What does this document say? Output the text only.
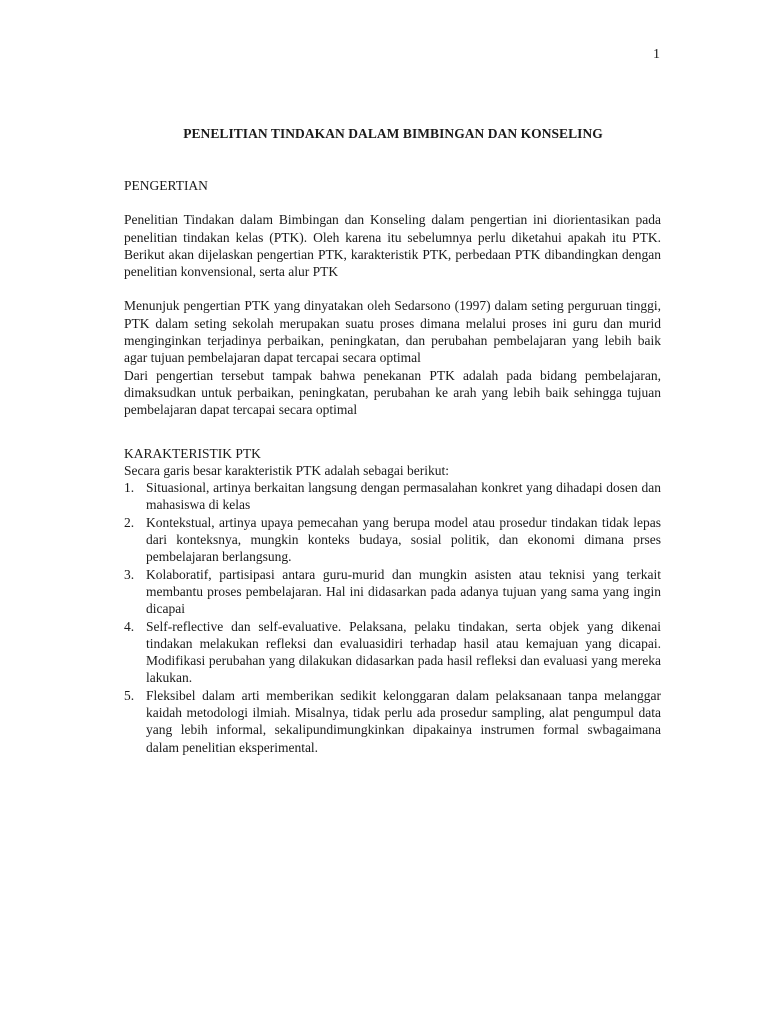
1
PENELITIAN TINDAKAN DALAM BIMBINGAN DAN KONSELING
PENGERTIAN

Penelitian Tindakan dalam Bimbingan dan Konseling dalam pengertian ini diorientasikan pada penelitian tindakan kelas (PTK). Oleh karena itu sebelumnya perlu diketahui apakah itu PTK. Berikut akan dijelaskan pengertian PTK, karakteristik PTK, perbedaan PTK dibandingkan dengan penelitian konvensional, serta alur PTK

Menunjuk pengertian PTK yang dinyatakan oleh Sedarsono (1997) dalam seting perguruan tinggi, PTK dalam seting sekolah merupakan suatu proses dimana melalui proses ini guru dan murid menginginkan terjadinya perbaikan, peningkatan, dan perubahan pembelajaran yang lebih baik agar tujuan pembelajaran dapat tercapai secara optimal

Dari pengertian tersebut tampak bahwa penekanan PTK adalah pada bidang pembelajaran, dimaksudkan untuk perbaikan, peningkatan, perubahan ke arah yang lebih baik sehingga tujuan pembelajaran dapat tercapai secara optimal

KARAKTERISTIK PTK

Secara garis besar karakteristik PTK adalah sebagai berikut:

1. Situasional, artinya berkaitan langsung dengan permasalahan konkret yang dihadapi dosen dan mahasiswa di kelas
2. Kontekstual, artinya upaya pemecahan yang berupa model atau prosedur tindakan tidak lepas dari konteksnya, mungkin konteks budaya, sosial politik, dan ekonomi dimana prses pembelajaran berlangsung.
3. Kolaboratif, partisipasi antara guru-murid dan mungkin asisten atau teknisi yang terkait membantu proses pembelajaran. Hal ini didasarkan pada adanya tujuan yang sama yang ingin dicapai
4. Self-reflective dan self-evaluative. Pelaksana, pelaku tindakan, serta objek yang dikenai tindakan melakukan refleksi dan evaluasidiri terhadap hasil atau kemajuan yang dicapai. Modifikasi perubahan yang dilakukan didasarkan pada hasil refleksi dan evaluasi yang mereka lakukan.
5. Fleksibel dalam arti memberikan sedikit kelonggaran dalam pelaksanaan tanpa melanggar kaidah metodologi ilmiah. Misalnya, tidak perlu ada prosedur sampling, alat pengumpul data yang lebih informal, sekalipundimungkinkan dipakainya instrumen formal swbagaimana dalam penelitian eksperimental.
